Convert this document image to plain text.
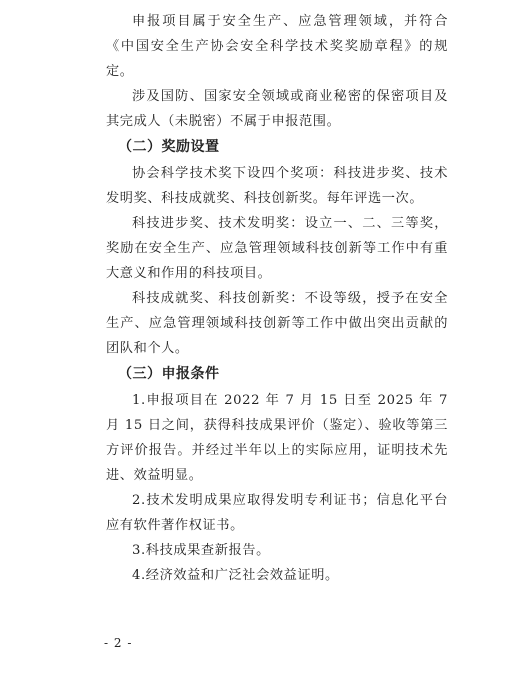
申报项目属于安全生产、应急管理领域，并符合《中国安全生产协会安全科学技术奖奖励章程》的规定。

涉及国防、国家安全领域或商业秘密的保密项目及其完成人（未脱密）不属于申报范围。

（二）奖励设置

协会科学技术奖下设四个奖项：科技进步奖、技术发明奖、科技成就奖、科技创新奖。每年评选一次。

科技进步奖、技术发明奖：设立一、二、三等奖，奖励在安全生产、应急管理领域科技创新等工作中有重大意义和作用的科技项目。

科技成就奖、科技创新奖：不设等级，授予在安全生产、应急管理领域科技创新等工作中做出突出贡献的团队和个人。

（三）申报条件

1.申报项目在 2022 年 7 月 15 日至 2025 年 7 月 15 日之间，获得科技成果评价（鉴定）、验收等第三方评价报告。并经过半年以上的实际应用，证明技术先进、效益明显。

2.技术发明成果应取得发明专利证书；信息化平台应有软件著作权证书。

3.科技成果查新报告。

4.经济效益和广泛社会效益证明。

- 2 -
